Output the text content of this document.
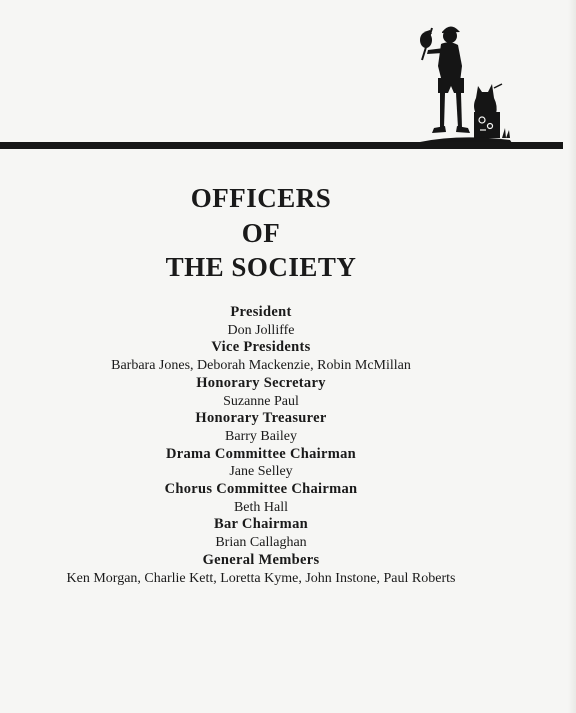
OFFICERS
OF
THE SOCIETY
President
Don Jolliffe
Vice Presidents
Barbara Jones, Deborah Mackenzie, Robin McMillan
Honorary Secretary
Suzanne Paul
Honorary Treasurer
Barry Bailey
Drama Committee Chairman
Jane Selley
Chorus Committee Chairman
Beth Hall
Bar Chairman
Brian Callaghan
General Members
Ken Morgan, Charlie Kett, Loretta Kyme, John Instone, Paul Roberts
